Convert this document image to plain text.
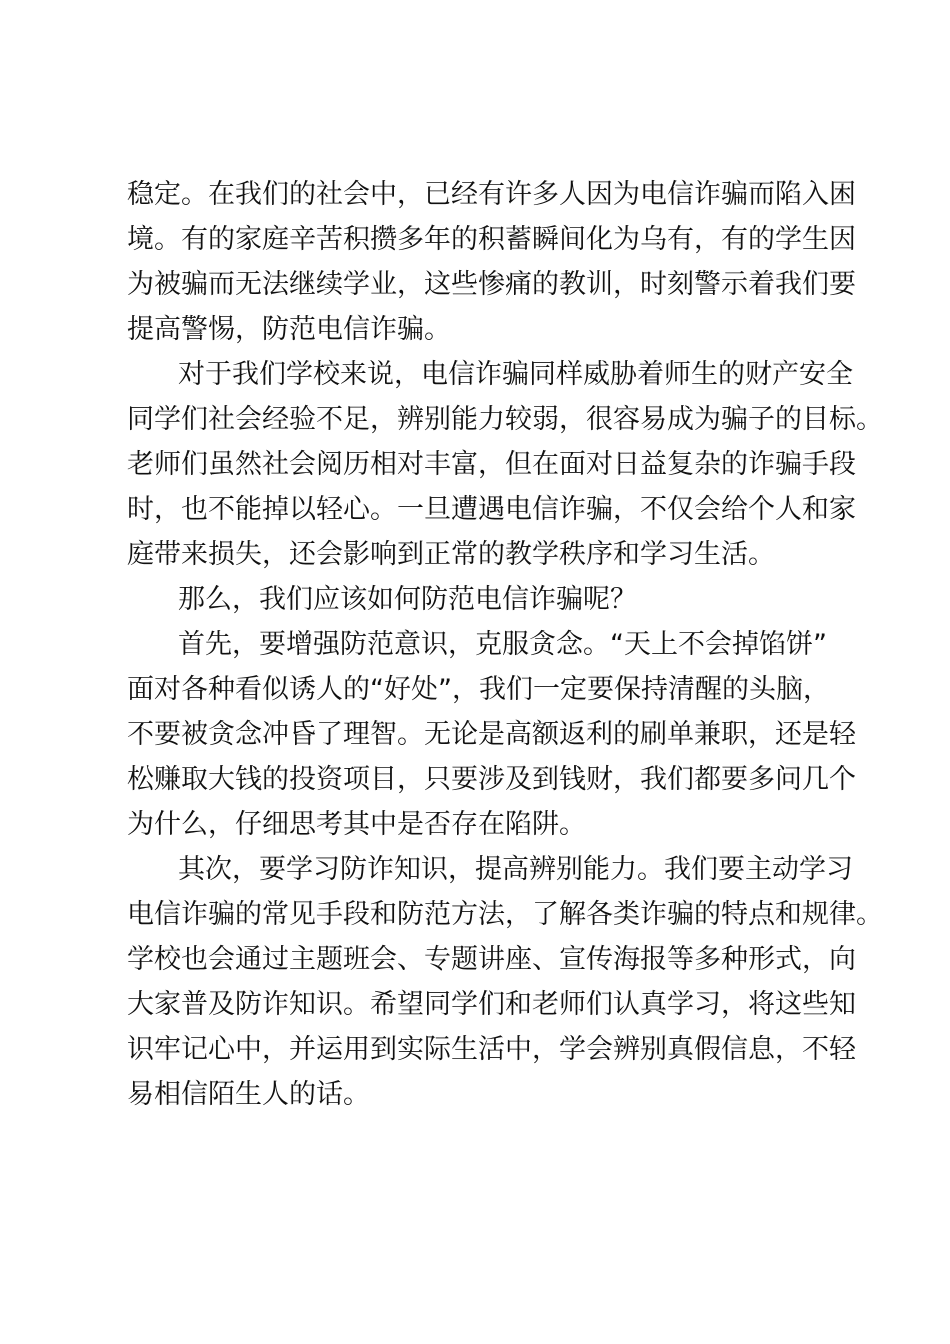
稳定。在我们的社会中，已经有许多人因为电信诈骗而陷入困
境。有的家庭辛苦积攒多年的积蓄瞬间化为乌有，有的学生因
为被骗而无法继续学业，这些惨痛的教训，时刻警示着我们要
提高警惕，防范电信诈骗。
对于我们学校来说，电信诈骗同样威胁着师生的财产安全
同学们社会经验不足，辨别能力较弱，很容易成为骗子的目标。
老师们虽然社会阅历相对丰富，但在面对日益复杂的诈骗手段
时，也不能掉以轻心。一旦遭遇电信诈骗，不仅会给个人和家
庭带来损失，还会影响到正常的教学秩序和学习生活。
那么，我们应该如何防范电信诈骗呢？
首先，要增强防范意识，克服贪念。“天上不会掉馅饼”
面对各种看似诱人的“好处”，我们一定要保持清醒的头脑，
不要被贪念冲昏了理智。无论是高额返利的刷单兼职，还是轻
松赚取大钱的投资项目，只要涉及到钱财，我们都要多问几个
为什么，仔细思考其中是否存在陷阱。
其次，要学习防诈知识，提高辨别能力。我们要主动学习
电信诈骗的常见手段和防范方法，了解各类诈骗的特点和规律。
学校也会通过主题班会、专题讲座、宣传海报等多种形式，向
大家普及防诈知识。希望同学们和老师们认真学习，将这些知
识牢记心中，并运用到实际生活中，学会辨别真假信息，不轻
易相信陌生人的话。
